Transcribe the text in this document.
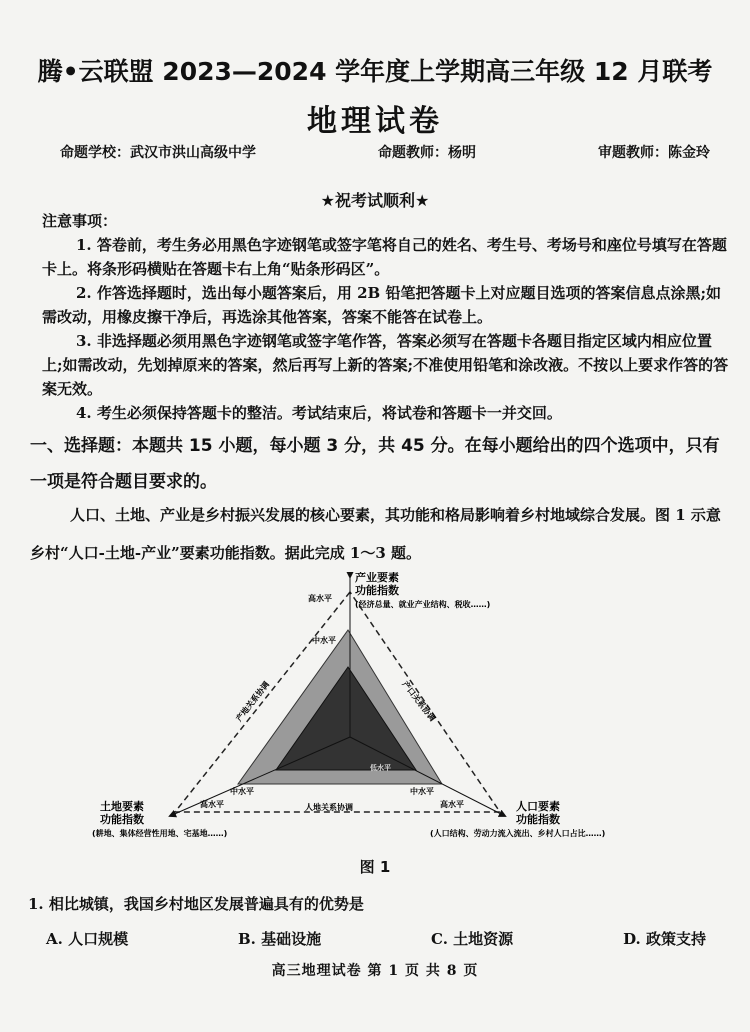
腾•云联盟 2023—2024 学年度上学期高三年级 12 月联考
地理试卷
命题学校：武汉市洪山高级中学	命题教师：杨明	审题教师：陈金玲
★祝考试顺利★
注意事项：

1. 答卷前，考生务必用黑色字迹钢笔或签字笔将自己的姓名、考生号、考场号和座位号填写在答题卡上。将条形码横贴在答题卡右上角“贴条形码区”。

2. 作答选择题时，选出每小题答案后，用 2B 铅笔把答题卡上对应题目选项的答案信息点涂黑;如需改动，用橡皮擦干净后，再选涂其他答案，答案不能答在试卷上。

3. 非选择题必须用黑色字迹钢笔或签字笔作答，答案必须写在答题卡各题目指定区域内相应位置上;如需改动，先划掉原来的答案，然后再写上新的答案;不准使用铅笔和涂改液。不按以上要求作答的答案无效。

4. 考生必须保持答题卡的整洁。考试结束后，将试卷和答题卡一并交回。

一、选择题：本题共 15 小题，每小题 3 分，共 45 分。在每小题给出的四个选项中，只有一项是符合题目要求的。
人口、土地、产业是乡村振兴发展的核心要素，其功能和格局影响着乡村地域综合发展。图 1 示意乡村“人口-土地-产业”要素功能指数。据此完成 1～3 题。
产业要素
功能指数
(经济总量、就业产业结构、税收……)
高水平
中水平
土地要素
功能指数
(耕地、集体经营性用地、宅基地……)
人口要素
功能指数
(人口结构、劳动力流入流出、乡村人口占比……)
中水平
高水平
中水平
高水平
低水平
人地关系协调
产地关系协调	产口关系协调
图 1
1. 相比城镇，我国乡村地区发展普遍具有的优势是
A. 人口规模	B. 基础设施	C. 土地资源	D. 政策支持
高三地理试卷 第 1 页 共 8 页
